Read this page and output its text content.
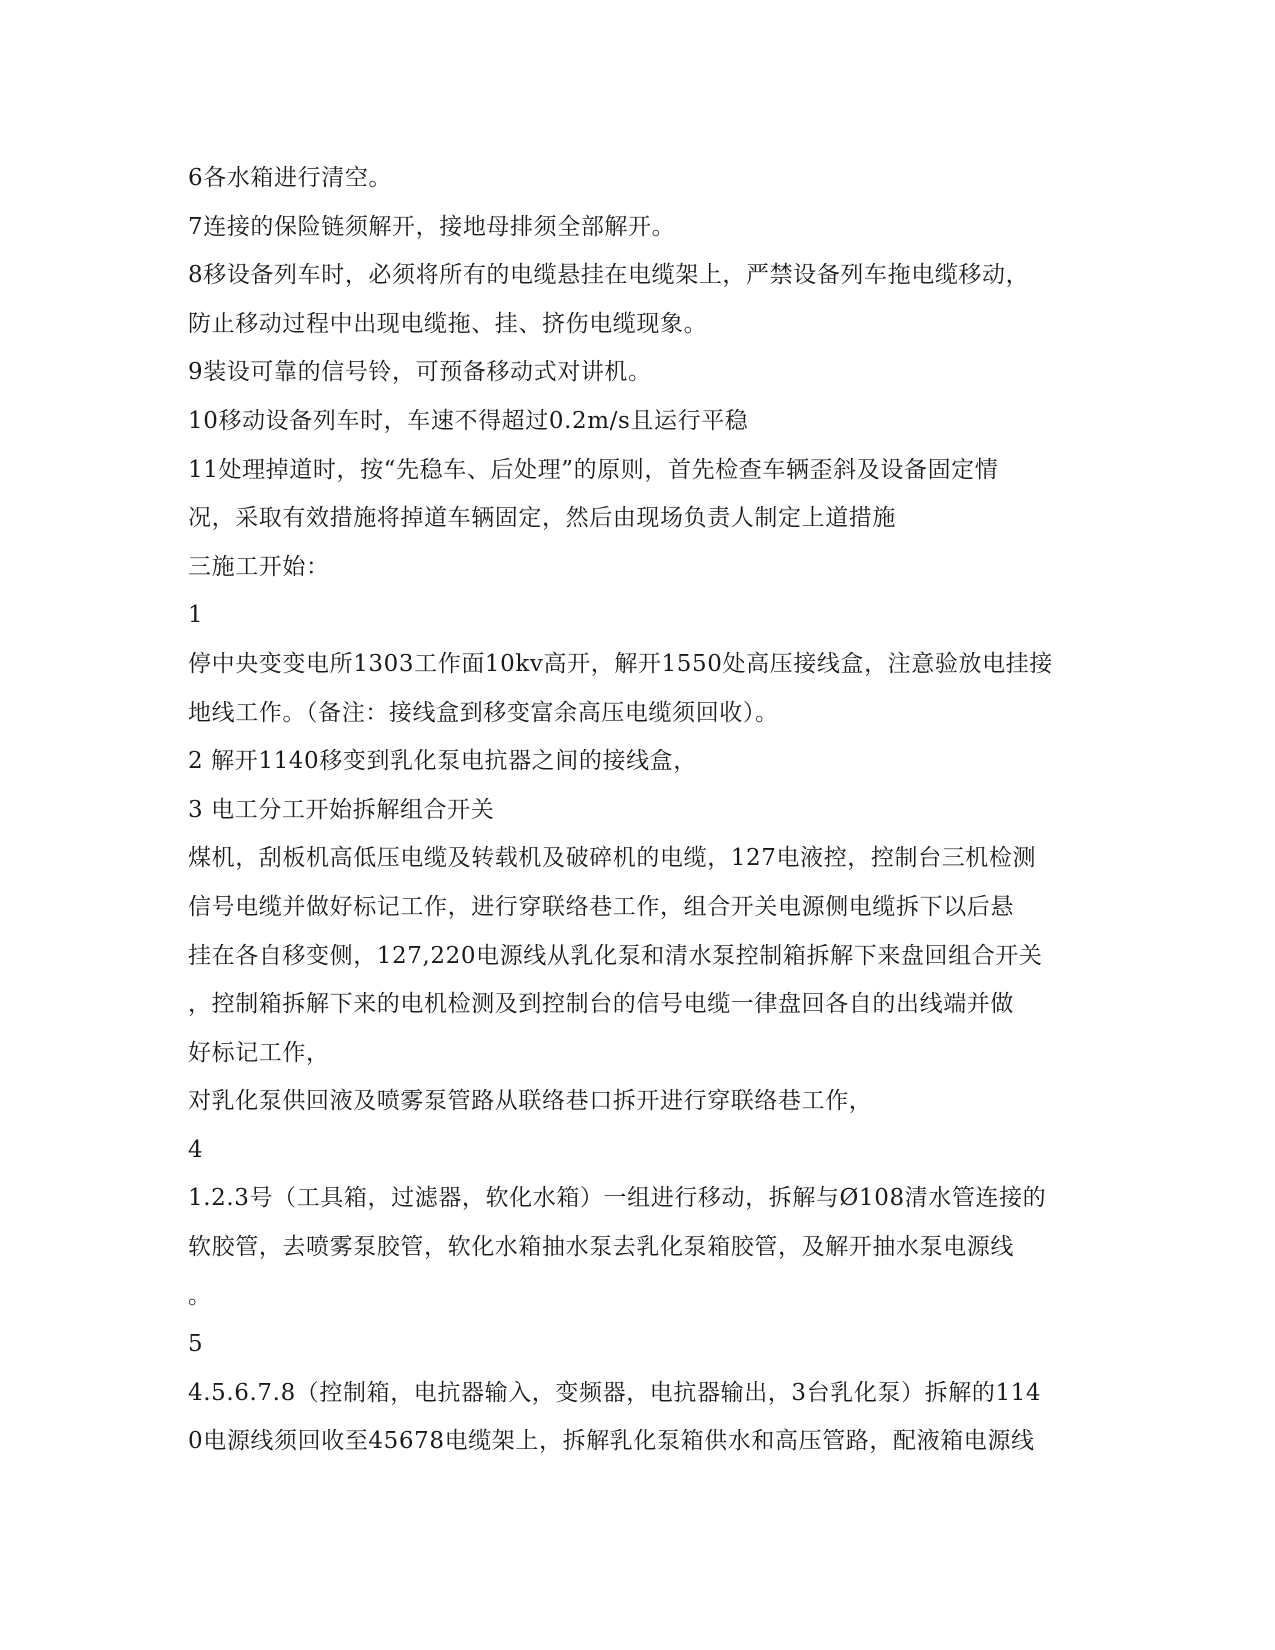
6各水箱进行清空。
7连接的保险链须解开，接地母排须全部解开。
8移设备列车时，必须将所有的电缆悬挂在电缆架上，严禁设备列车拖电缆移动，
防止移动过程中出现电缆拖、挂、挤伤电缆现象。
9装设可靠的信号铃，可预备移动式对讲机。
10移动设备列车时，车速不得超过0.2m/s且运行平稳
11处理掉道时，按“先稳车、后处理”的原则，首先检查车辆歪斜及设备固定情
况，采取有效措施将掉道车辆固定，然后由现场负责人制定上道措施
三施工开始：
1
停中央变变电所1303工作面10kv高开，解开1550处高压接线盒，注意验放电挂接
地线工作。（备注：接线盒到移变富余高压电缆须回收）。
2 解开1140移变到乳化泵电抗器之间的接线盒，
3 电工分工开始拆解组合开关
煤机，刮板机高低压电缆及转载机及破碎机的电缆，127电液控，控制台三机检测
信号电缆并做好标记工作，进行穿联络巷工作，组合开关电源侧电缆拆下以后悬
挂在各自移变侧，127,220电源线从乳化泵和清水泵控制箱拆解下来盘回组合开关
，控制箱拆解下来的电机检测及到控制台的信号电缆一律盘回各自的出线端并做
好标记工作，
对乳化泵供回液及喷雾泵管路从联络巷口拆开进行穿联络巷工作，
4
1.2.3号（工具箱，过滤器，软化水箱）一组进行移动，拆解与Ø108清水管连接的
软胶管，去喷雾泵胶管，软化水箱抽水泵去乳化泵箱胶管，及解开抽水泵电源线
。
5
4.5.6.7.8（控制箱，电抗器输入，变频器，电抗器输出，3台乳化泵）拆解的114
0电源线须回收至45678电缆架上，拆解乳化泵箱供水和高压管路，配液箱电源线
